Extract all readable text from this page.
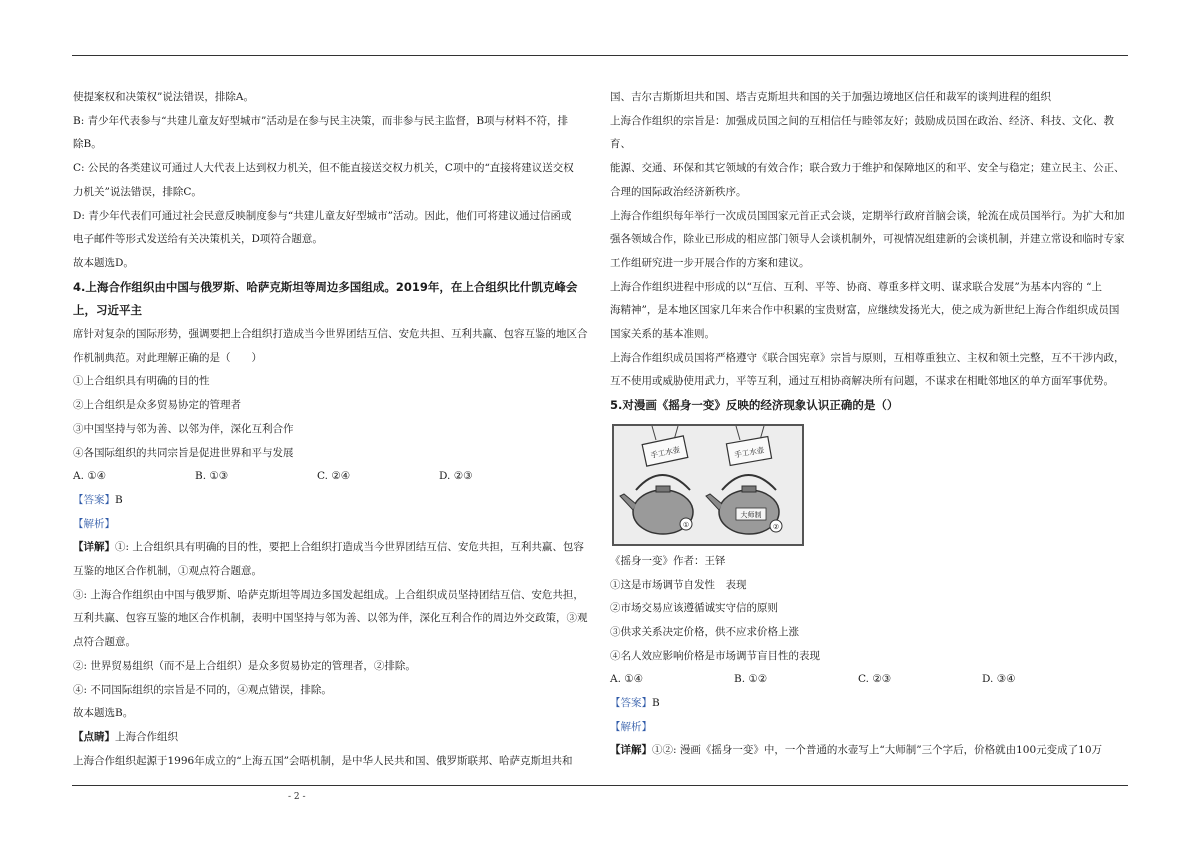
使提案权和决策权”说法错误，排除A。

B: 青少年代表参与“共建儿童友好型城市”活动是在参与民主决策，而非参与民主监督，B项与材料不符，排

除B。

C: 公民的各类建议可通过人大代表上达到权力机关，但不能直接送交权力机关，C项中的“直接将建议送交权

力机关”说法错误，排除C。

D: 青少年代表们可通过社会民意反映制度参与“共建儿童友好型城市”活动。因此，他们可将建议通过信函或

电子邮件等形式发送给有关决策机关，D项符合题意。

故本题选D。

4.上海合作组织由中国与俄罗斯、哈萨克斯坦等周边多国组成。2019年，在上合组织比什凯克峰会上，习近平主

席针对复杂的国际形势，强调要把上合组织打造成当今世界团结互信、安危共担、互利共赢、包容互鉴的地区合

作机制典范。对此理解正确的是（　　）

①上合组织具有明确的目的性

②上合组织是众多贸易协定的管理者

③中国坚持与邻为善、以邻为伴，深化互利合作

④各国际组织的共同宗旨是促进世界和平与发展

A. ①④	B. ①③	C. ②④	D. ②③

【答案】B

【解析】

【详解】①: 上合组织具有明确的目的性，要把上合组织打造成当今世界团结互信、安危共担，互利共赢、包容

互鉴的地区合作机制，①观点符合题意。

③: 上海合作组织由中国与俄罗斯、哈萨克斯坦等周边多国发起组成。上合组织成员坚持团结互信、安危共担，

互利共赢、包容互鉴的地区合作机制，表明中国坚持与邻为善、以邻为伴，深化互利合作的周边外交政策，③观

点符合题意。

②: 世界贸易组织（而不是上合组织）是众多贸易协定的管理者，②排除。

④: 不同国际组织的宗旨是不同的，④观点错误，排除。

故本题选B。

【点睛】上海合作组织

上海合作组织起源于1996年成立的“上海五国”会晤机制，是中华人民共和国、俄罗斯联邦、哈萨克斯坦共和

国、吉尔吉斯斯坦共和国、塔吉克斯坦共和国的关于加强边境地区信任和裁军的谈判进程的组织

上海合作组织的宗旨是：加强成员国之间的互相信任与睦邻友好；鼓励成员国在政治、经济、科技、文化、教育、

能源、交通、环保和其它领域的有效合作；联合致力于维护和保障地区的和平、安全与稳定；建立民主、公正、

合理的国际政治经济新秩序。

上海合作组织每年举行一次成员国国家元首正式会谈，定期举行政府首脑会谈，轮流在成员国举行。为扩大和加

强各领域合作，除业已形成的相应部门领导人会谈机制外，可视情况组建新的会谈机制，并建立常设和临时专家

工作组研究进一步开展合作的方案和建议。

上海合作组织进程中形成的以“互信、互利、平等、协商、尊重多样文明、谋求联合发展”为基本内容的 “上

海精神”，是本地区国家几年来合作中积累的宝贵财富，应继续发扬光大，使之成为新世纪上海合作组织成员国

国家关系的基本准则。

上海合作组织成员国将严格遵守《联合国宪章》宗旨与原则，互相尊重独立、主权和领土完整，互不干涉内政，

互不使用或威胁使用武力，平等互利，通过互相协商解决所有问题，不谋求在相毗邻地区的单方面军事优势。

5.对漫画《摇身一变》反映的经济现象认识正确的是（）

手工水壶	手工水壶
①
大师制
②

《摇身一变》作者：王铎

①这是市场调节自发性　表现

②市场交易应该遵循诚实守信的原则

③供求关系决定价格，供不应求价格上涨

④名人效应影响价格是市场调节盲目性的表现

A. ①④	B. ①②	C. ②③	D. ③④

【答案】B

【解析】

【详解】①②: 漫画《摇身一变》中，一个普通的水壶写上“大师制”三个字后，价格就由100元变成了10万

- 2 -
